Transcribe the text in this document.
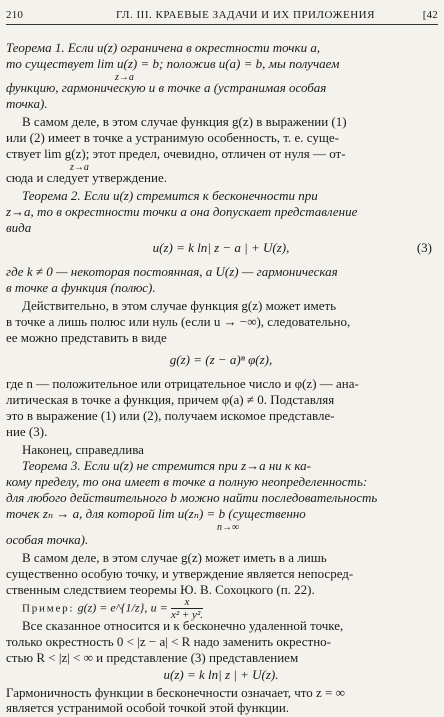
210	ГЛ. III. КРАЕВЫЕ ЗАДАЧИ И ИХ ПРИЛОЖЕНИЯ	[42
Теорема 1. Если u(z) ограничена в окрестности точки a,
то существует lim u(z) = b; положив u(a) = b, мы получаем
z→a
функцию, гармоническую и в точке a (устранимая особая
точка).
В самом деле, в этом случае функция g(z) в выражении (1)
или (2) имеет в точке a устранимую особенность, т. е. суще-
ствует lim g(z); этот предел, очевидно, отличен от нуля — от-
z→a
сюда и следует утверждение.
Теорема 2. Если u(z) стремится к бесконечности при
z→a, то в окрестности точки a она допускает представление
вида
u(z) = k ln| z − a | + U(z),	(3)
где k ≠ 0 — некоторая постоянная, а U(z) — гармоническая
в точке a функция (полюс).
Действительно, в этом случае функция g(z) может иметь
в точке a лишь полюс или нуль (если u → −∞), следовательно,
ее можно представить в виде
g(z) = (z − a)ⁿ φ(z),
где n — положительное или отрицательное число и φ(z) — ана-
литическая в точке a функция, причем φ(a) ≠ 0. Подставляя
это в выражение (1) или (2), получаем искомое представле-
ние (3).
Наконец, справедлива
Теорема 3. Если u(z) не стремится при z→a ни к ка-
кому пределу, то она имеет в точке a полную неопределенность:
для любого действительного b можно найти последовательность
точек zₙ → a, для которой lim u(zₙ) = b (существенно
n→∞
особая точка).
В самом деле, в этом случае g(z) может иметь в a лишь
существенно особую точку, и утверждение является непосред-
ственным следствием теоремы Ю. В. Сохоцкого (п. 22).
Пример: g(z) = e^{1/z}, $u = \frac{x}{\text{x² + y².}}$
Все сказанное относится и к бесконечно удаленной точке,
только окрестность 0 < |z − a| < R надо заменить окрестно-
стью R < |z| < ∞ и представление (3) представлением
u(z) = k ln| z | + U(z).
Гармоничность функции в бесконечности означает, что z = ∞
является устранимой особой точкой этой функции.
